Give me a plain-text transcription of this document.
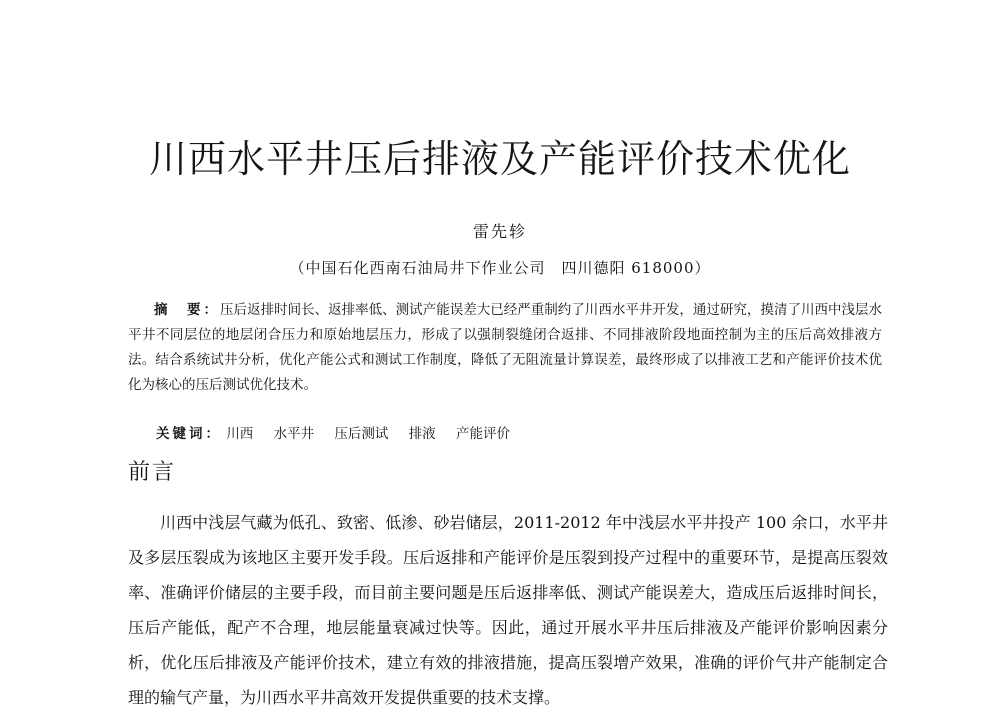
川西水平井压后排液及产能评价技术优化
雷先轸
（中国石化西南石油局井下作业公司　四川德阳 618000）

摘　要：压后返排时间长、返排率低、测试产能误差大已经严重制约了川西水平井开发，通过研究，摸清了川西中浅层水平井不同层位的地层闭合压力和原始地层压力，形成了以强制裂缝闭合返排、不同排液阶段地面控制为主的压后高效排液方法。结合系统试井分析，优化产能公式和测试工作制度，降低了无阻流量计算误差，最终形成了以排液工艺和产能评价技术优化为核心的压后测试优化技术。

关键词： 川西 水平井 压后测试 排液 产能评价
前言

川西中浅层气藏为低孔、致密、低渗、砂岩储层，2011-2012 年中浅层水平井投产 100 余口，水平井及多层压裂成为该地区主要开发手段。压后返排和产能评价是压裂到投产过程中的重要环节，是提高压裂效率、准确评价储层的主要手段，而目前主要问题是压后返排率低、测试产能误差大，造成压后返排时间长，压后产能低，配产不合理，地层能量衰减过快等。因此，通过开展水平井压后排液及产能评价影响因素分析，优化压后排液及产能评价技术，建立有效的排液措施，提高压裂增产效果，准确的评价气井产能制定合理的输气产量，为川西水平井高效开发提供重要的技术支撑。
